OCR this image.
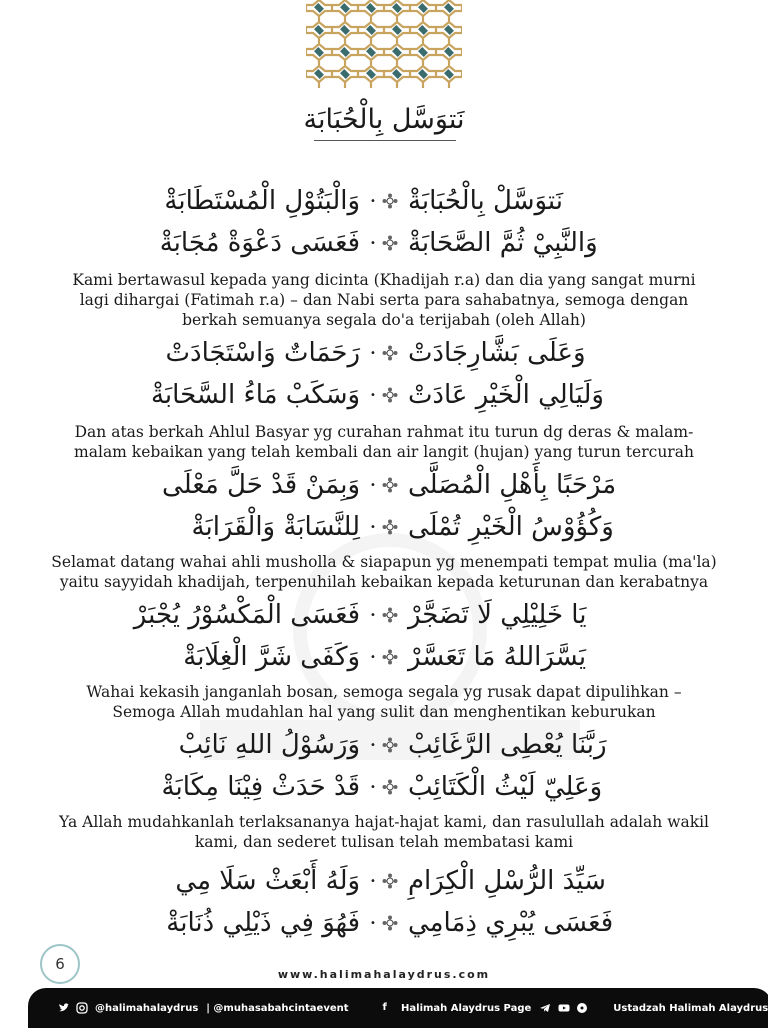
نَتوَسَّل بِالْحُبَابَة
نَتوَسَّلْ بِالْحُبَابَةْ
•
وَالْبَتُوْلِ الْمُسْتَطَابَةْ
وَالنَّبِيْ ثُمَّ الصَّحَابَةْ
•
فَعَسَى دَعْوَةْ مُجَابَةْ
Kami bertawasul kepada yang dicinta (Khadijah r.a) dan dia yang sangat murni
lagi dihargai (Fatimah r.a) – dan Nabi serta para sahabatnya, semoga dengan
berkah semuanya segala do'a terijabah (oleh Allah)
وَعَلَى بَشَّارِجَادَتْ
•
رَحَمَاتٌ وَاسْتَجَادَتْ
وَلَيَالِي الْخَيْرِ عَادَتْ
•
وَسَكَبْ مَاءُ السَّحَابَةْ
Dan atas berkah Ahlul Basyar yg curahan rahmat itu turun dg deras & malam-
malam kebaikan yang telah kembali dan air langit (hujan) yang turun tercurah
مَرْحَبًا بِأَهْلِ الْمُصَلَّى
•
وَبِمَنْ قَدْ حَلَّ مَعْلَى
وَكُؤُوْسُ الْخَيْرِ تُمْلَى
•
لِلنَّسَابَةْ وَالْقَرَابَةْ
Selamat datang wahai ahli musholla & siapapun yg menempati tempat mulia (ma'la)
yaitu sayyidah khadijah, terpenuhilah kebaikan kepada keturunan dan kerabatnya
يَا خَلِيْلِي لَا تَضَجَّرْ
•
فَعَسَى الْمَكْسُوْرُ يُجْبَرْ
يَسَّرَاللهُ مَا تَعَسَّرْ
•
وَكَفَى شَرَّ الْغِلَابَةْ
Wahai kekasih janganlah bosan, semoga segala yg rusak dapat dipulihkan –
Semoga Allah mudahlan hal yang sulit dan menghentikan keburukan
رَبَّنَا يُعْطِى الرَّغَائِبْ
•
وَرَسُوْلُ اللهِ نَائِبْ
وَعَلِيّ لَيْثُ الْكَتَائِبْ
•
قَدْ حَدَثْ فِيْنَا مِكَابَةْ
Ya Allah mudahkanlah terlaksananya hajat-hajat kami, dan rasulullah adalah wakil
kami, dan sederet tulisan telah membatasi kami
سَيِّدَ الرُّسْلِ الْكِرَامِ
•
وَلَهُ أَبْعَثْ سَلَا مِي
فَعَسَى يُبْرِي ذِمَامِي
•
فَهُوَ فِي ذَيْلِي ذُنَابَةْ
6
www.halimahalaydrus.com
@halimahalaydrus | @muhasabahcintaevent	f Halimah Alaydrus Page
	Ustadzah Halimah Alaydrus
